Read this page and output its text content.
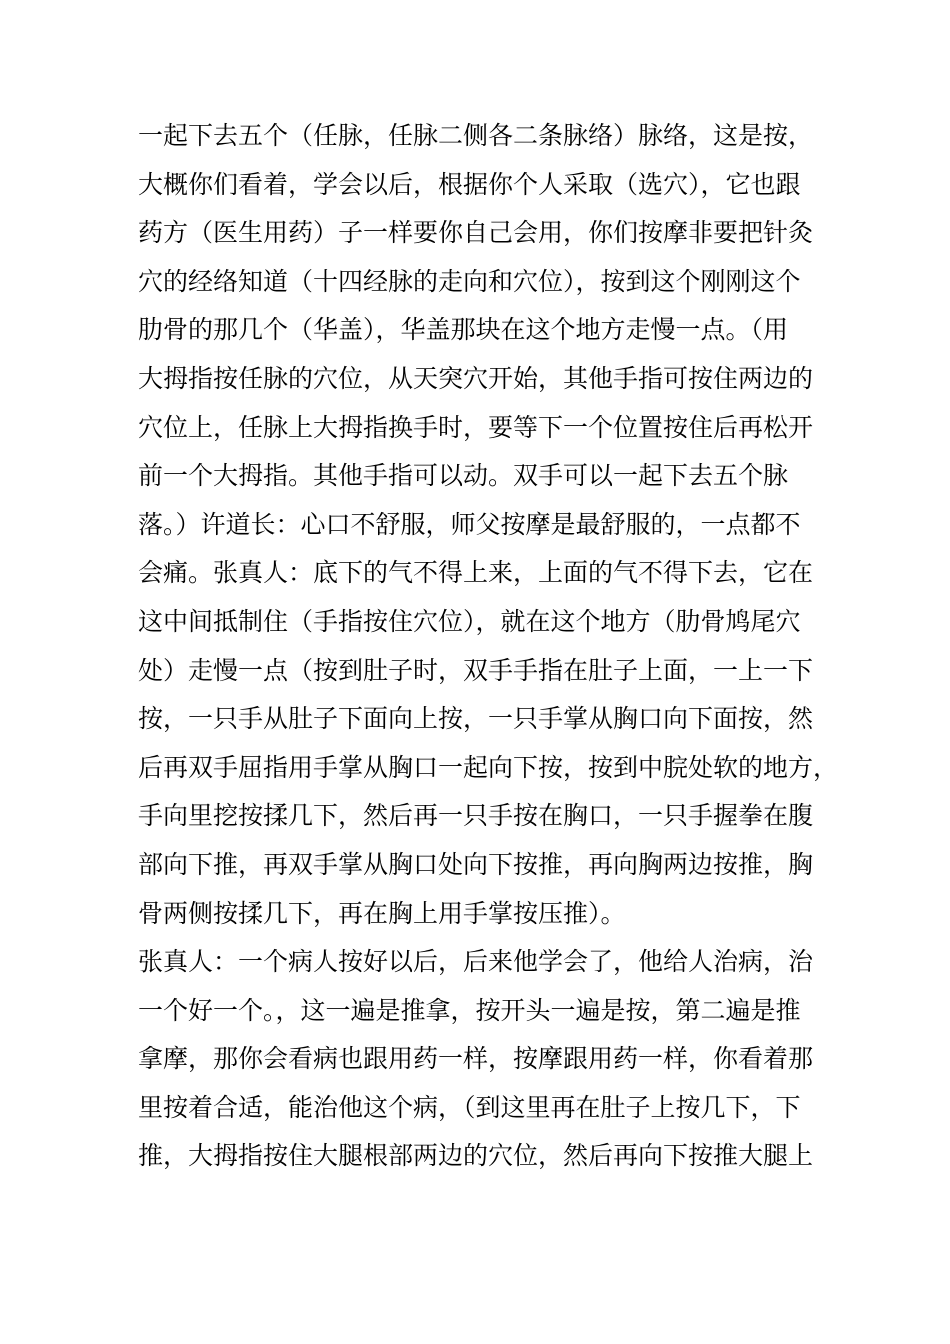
一起下去五个（任脉，任脉二侧各二条脉络）脉络，这是按，
大概你们看着，学会以后，根据你个人采取（选穴），它也跟
药方（医生用药）子一样要你自己会用，你们按摩非要把针灸
穴的经络知道（十四经脉的走向和穴位），按到这个刚刚这个
肋骨的那几个（华盖），华盖那块在这个地方走慢一点。（用
大拇指按任脉的穴位，从天突穴开始，其他手指可按住两边的
穴位上，任脉上大拇指换手时，要等下一个位置按住后再松开
前一个大拇指。其他手指可以动。双手可以一起下去五个脉
落。）许道长：心口不舒服，师父按摩是最舒服的，一点都不
会痛。张真人：底下的气不得上来，上面的气不得下去，它在
这中间抵制住（手指按住穴位），就在这个地方（肋骨鸠尾穴
处）走慢一点（按到肚子时，双手手指在肚子上面，一上一下
按，一只手从肚子下面向上按，一只手掌从胸口向下面按，然
后再双手屈指用手掌从胸口一起向下按，按到中脘处软的地方，
手向里挖按揉几下，然后再一只手按在胸口，一只手握拳在腹
部向下推，再双手掌从胸口处向下按推，再向胸两边按推，胸
骨两侧按揉几下，再在胸上用手掌按压推）。
张真人：一个病人按好以后，后来他学会了，他给人治病，治
一个好一个。，这一遍是推拿，按开头一遍是按，第二遍是推
拿摩，那你会看病也跟用药一样，按摩跟用药一样，你看着那
里按着合适，能治他这个病，（到这里再在肚子上按几下，下
推，大拇指按住大腿根部两边的穴位，然后再向下按推大腿上
